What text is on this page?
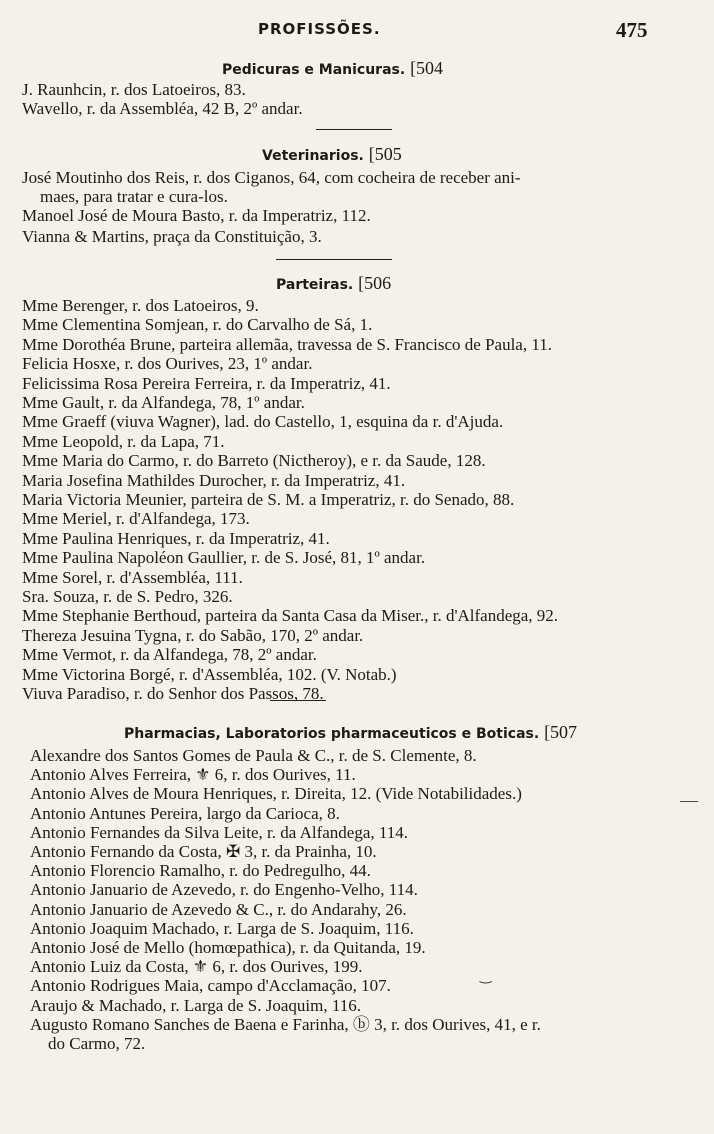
PROFISSÕES.	475
Pedicuras e Manicuras. [504
J. Raunhcin, r. dos Latoeiros, 83.
Wavello, r. da Assembléa, 42 B, 2º andar.
Veterinarios. [505
José Moutinho dos Reis, r. dos Ciganos, 64, com cocheira de receber ani-
maes, para tratar e cura-los.
Manoel José de Moura Basto, r. da Imperatriz, 112.
Vianna & Martins, praça da Constituição, 3.
Parteiras. [506
Mme Berenger, r. dos Latoeiros, 9.
Mme Clementina Somjean, r. do Carvalho de Sá, 1.
Mme Dorothéa Brune, parteira allemãa, travessa de S. Francisco de Paula, 11.
Felicia Hosxe, r. dos Ourives, 23, 1º andar.
Felicissima Rosa Pereira Ferreira, r. da Imperatriz, 41.
Mme Gault, r. da Alfandega, 78, 1º andar.
Mme Graeff (viuva Wagner), lad. do Castello, 1, esquina da r. d'Ajuda.
Mme Leopold, r. da Lapa, 71.
Mme Maria do Carmo, r. do Barreto (Nictheroy), e r. da Saude, 128.
Maria Josefina Mathildes Durocher, r. da Imperatriz, 41.
Maria Victoria Meunier, parteira de S. M. a Imperatriz, r. do Senado, 88.
Mme Meriel, r. d'Alfandega, 173.
Mme Paulina Henriques, r. da Imperatriz, 41.
Mme Paulina Napoléon Gaullier, r. de S. José, 81, 1º andar.
Mme Sorel, r. d'Assembléa, 111.
Sra. Souza, r. de S. Pedro, 326.
Mme Stephanie Berthoud, parteira da Santa Casa da Miser., r. d'Alfandega, 92.
Thereza Jesuina Tygna, r. do Sabão, 170, 2º andar.
Mme Vermot, r. da Alfandega, 78, 2º andar.
Mme Victorina Borgé, r. d'Assembléa, 102. (V. Notab.)
Viuva Paradiso, r. do Senhor dos Passos, 78.
Pharmacias, Laboratorios pharmaceuticos e Boticas. [507
Alexandre dos Santos Gomes de Paula & C., r. de S. Clemente, 8.
Antonio Alves Ferreira, ⚜ 6, r. dos Ourives, 11.
Antonio Alves de Moura Henriques, r. Direita, 12. (Vide Notabilidades.)
Antonio Antunes Pereira, largo da Carioca, 8.
Antonio Fernandes da Silva Leite, r. da Alfandega, 114.
Antonio Fernando da Costa, ✠ 3, r. da Prainha, 10.
Antonio Florencio Ramalho, r. do Pedregulho, 44.
Antonio Januario de Azevedo, r. do Engenho-Velho, 114.
Antonio Januario de Azevedo & C., r. do Andarahy, 26.
Antonio Joaquim Machado, r. Larga de S. Joaquim, 116.
Antonio José de Mello (homœpathica), r. da Quitanda, 19.
Antonio Luiz da Costa, ⚜ 6, r. dos Ourives, 199.
Antonio Rodrigues Maia, campo d'Acclamação, 107.
Araujo & Machado, r. Larga de S. Joaquim, 116.
Augusto Romano Sanches de Baena e Farinha, ⓑ 3, r. dos Ourives, 41, e r.
do Carmo, 72.
—
‿
